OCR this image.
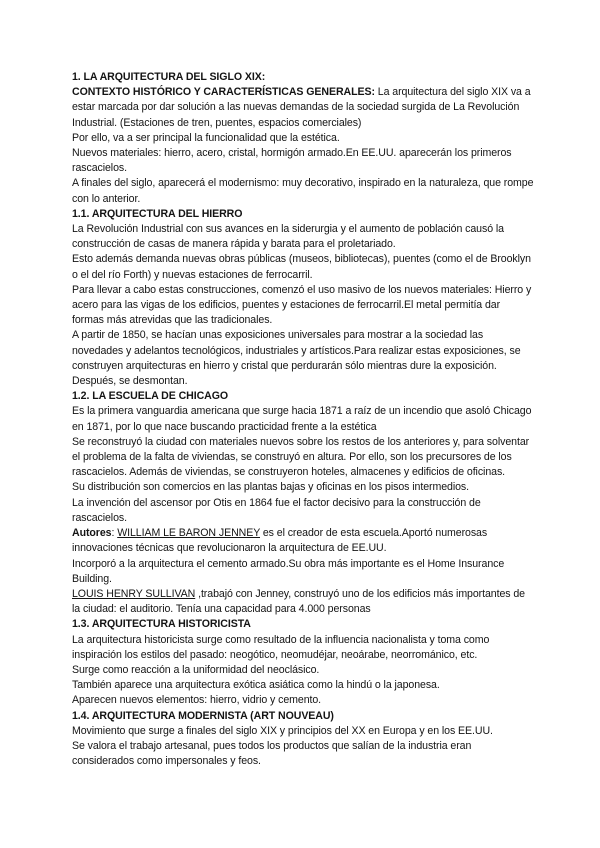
1. LA ARQUITECTURA DEL SIGLO XIX:

CONTEXTO HISTÓRICO Y CARACTERÍSTICAS GENERALES: La arquitectura del siglo XIX va a estar marcada por dar solución a las nuevas demandas de la sociedad surgida de La Revolución Industrial. (Estaciones de tren, puentes, espacios comerciales)

Por ello, va a ser principal la funcionalidad que la estética.

Nuevos materiales: hierro, acero, cristal, hormigón armado.En EE.UU. aparecerán los primeros rascacielos.

A finales del siglo, aparecerá el modernismo: muy decorativo, inspirado en la naturaleza, que rompe con lo anterior.

1.1. ARQUITECTURA DEL HIERRO

La Revolución Industrial con sus avances en la siderurgia y el aumento de población causó la construcción de casas de manera rápida y barata para el proletariado.

Esto además demanda nuevas obras públicas (museos, bibliotecas), puentes (como el de Brooklyn o el del río Forth) y nuevas estaciones de ferrocarril.

Para llevar a cabo estas construcciones, comenzó el uso masivo de los nuevos materiales: Hierro y acero para las vigas de los edificios, puentes y estaciones de ferrocarril.El metal permitía dar formas más atrevidas que las tradicionales.

A partir de 1850, se hacían unas exposiciones universales para mostrar a la sociedad las novedades y adelantos tecnológicos, industriales y artísticos.Para realizar estas exposiciones, se construyen arquitecturas en hierro y cristal que perdurarán sólo mientras dure la exposición. Después, se desmontan.

1.2. LA ESCUELA DE CHICAGO

Es la primera vanguardia americana que surge hacia 1871 a raíz de un incendio que asoló Chicago en 1871, por lo que nace buscando practicidad frente a la estética

Se reconstruyó la ciudad con materiales nuevos sobre los restos de los anteriores y, para solventar el problema de la falta de viviendas, se construyó en altura. Por ello, son los precursores de los rascacielos. Además de viviendas, se construyeron hoteles, almacenes y edificios de oficinas.

Su distribución son comercios en las plantas bajas y oficinas en los pisos intermedios.

La invención del ascensor por Otis en 1864 fue el factor decisivo para la construcción de rascacielos.

Autores: WILLIAM LE BARON JENNEY es el creador de esta escuela.Aportó numerosas innovaciones técnicas que revolucionaron la arquitectura de EE.UU.

Incorporó a la arquitectura el cemento armado.Su obra más importante es el Home Insurance Building.

LOUIS HENRY SULLIVAN ,trabajó con Jenney, construyó uno de los edificios más importantes de la ciudad: el auditorio. Tenía una capacidad para 4.000 personas

1.3. ARQUITECTURA HISTORICISTA

La arquitectura historicista surge como resultado de la influencia nacionalista y toma como inspiración los estilos del pasado: neogótico, neomudéjar, neoárabe, neorrománico, etc.

Surge como reacción a la uniformidad del neoclásico.

También aparece una arquitectura exótica asiática como la hindú o la japonesa.

Aparecen nuevos elementos: hierro, vidrio y cemento.

1.4. ARQUITECTURA MODERNISTA (ART NOUVEAU)

Movimiento que surge a finales del siglo XIX y principios del XX en Europa y en los EE.UU.

Se valora el trabajo artesanal, pues todos los productos que salían de la industria eran considerados como impersonales y feos.
